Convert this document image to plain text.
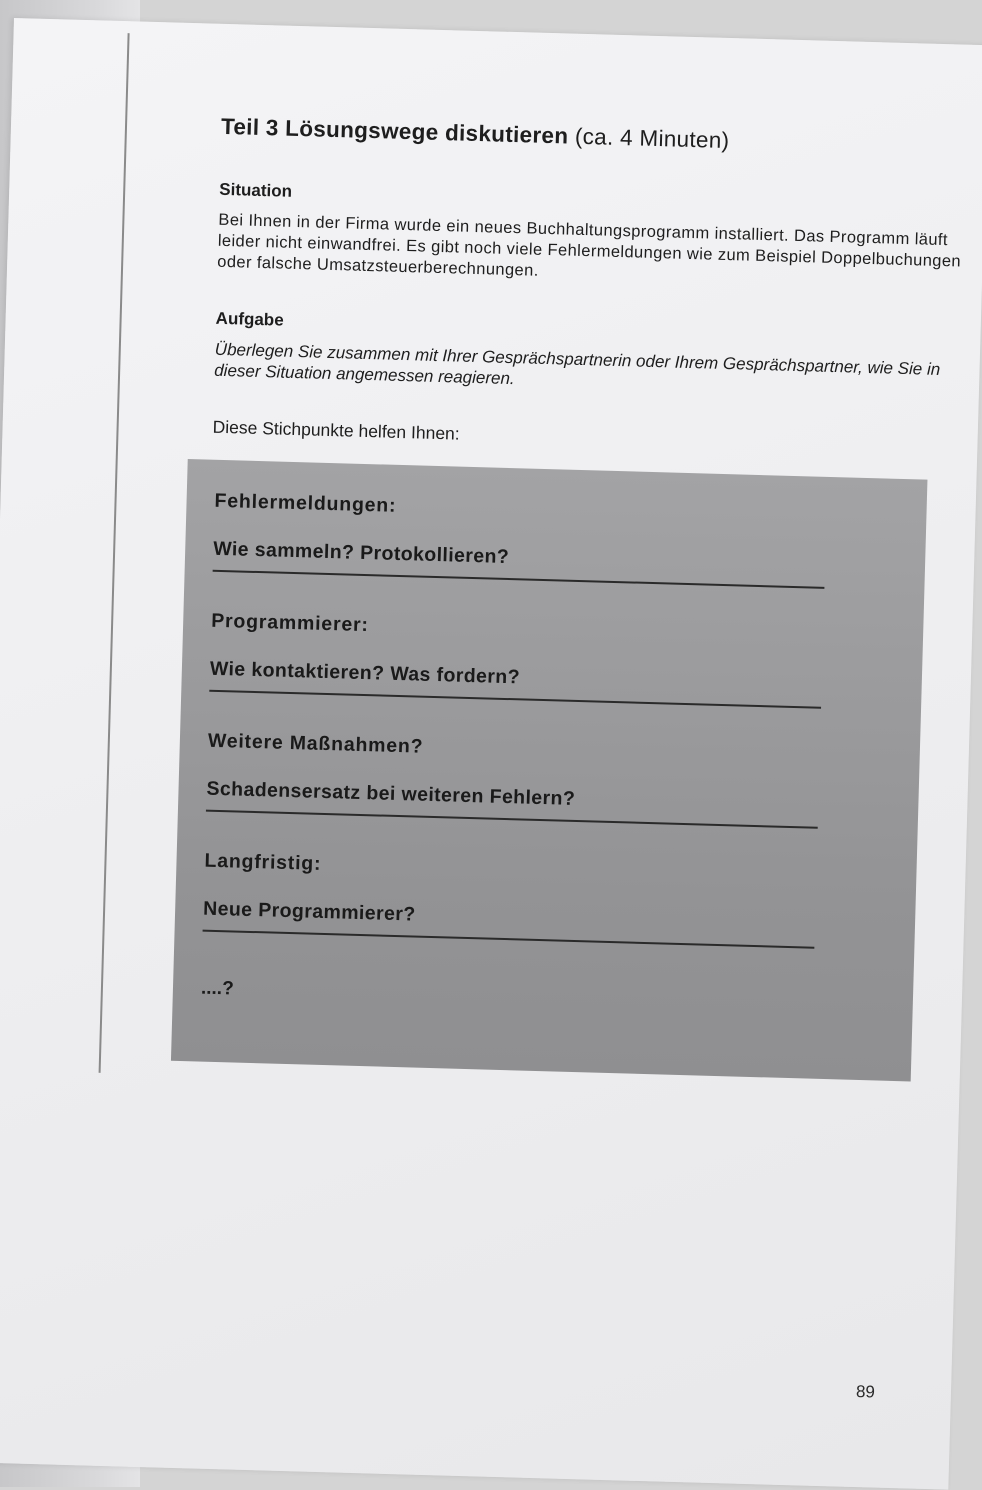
Teil 3 Lösungswege diskutieren (ca. 4 Minuten)
Situation
Bei Ihnen in der Firma wurde ein neues Buchhaltungsprogramm installiert. Das Programm läuft leider nicht einwandfrei. Es gibt noch viele Fehlermeldungen wie zum Beispiel Doppelbuchungen oder falsche Umsatzsteuerberechnungen.
Aufgabe
Überlegen Sie zusammen mit Ihrer Gesprächspartnerin oder Ihrem Gesprächspartner, wie Sie in dieser Situation angemessen reagieren.
Diese Stichpunkte helfen Ihnen:
Fehlermeldungen:
Wie sammeln? Protokollieren?
Programmierer:
Wie kontaktieren? Was fordern?
Weitere Maßnahmen?
Schadensersatz bei weiteren Fehlern?
Langfristig:
Neue Programmierer?
....?
89
